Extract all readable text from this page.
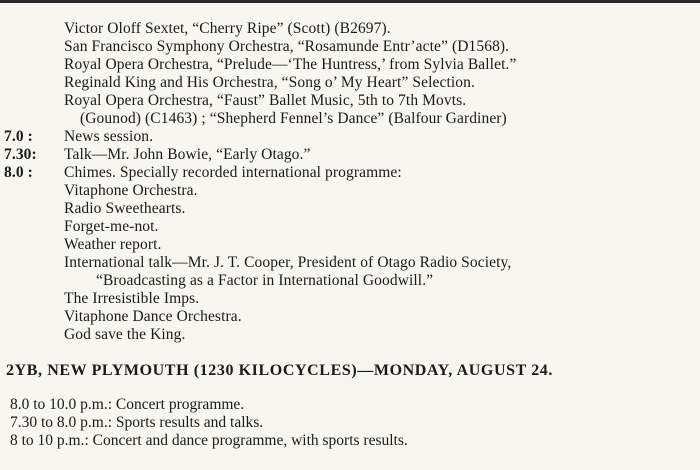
Victor Oloff Sextet, “Cherry Ripe” (Scott) (B2697).
San Francisco Symphony Orchestra, “Rosamunde Entr’acte” (D1568).
Royal Opera Orchestra, “Prelude—‘The Huntress,’ from Sylvia Ballet.”
Reginald King and His Orchestra, “Song o’ My Heart” Selection.
Royal Opera Orchestra, “Faust” Ballet Music, 5th to 7th Movts.
(Gounod) (C1463) ; “Shepherd Fennel’s Dance” (Balfour Gardiner)
7.0 :	News session.
7.30:	Talk—Mr. John Bowie, “Early Otago.”
8.0 :	Chimes. Specially recorded international programme:
Vitaphone Orchestra.
Radio Sweethearts.
Forget-me-not.
Weather report.
International talk—Mr. J. T. Cooper, President of Otago Radio Society,
“Broadcasting as a Factor in International Goodwill.”
The Irresistible Imps.
Vitaphone Dance Orchestra.
God save the King.
2YB, NEW PLYMOUTH (1230 KILOCYCLES)—MONDAY, AUGUST 24.
8.0 to 10.0 p.m.: Concert programme.
7.30 to 8.0 p.m.: Sports results and talks.
8 to 10 p.m.: Concert and dance programme, with sports results.
